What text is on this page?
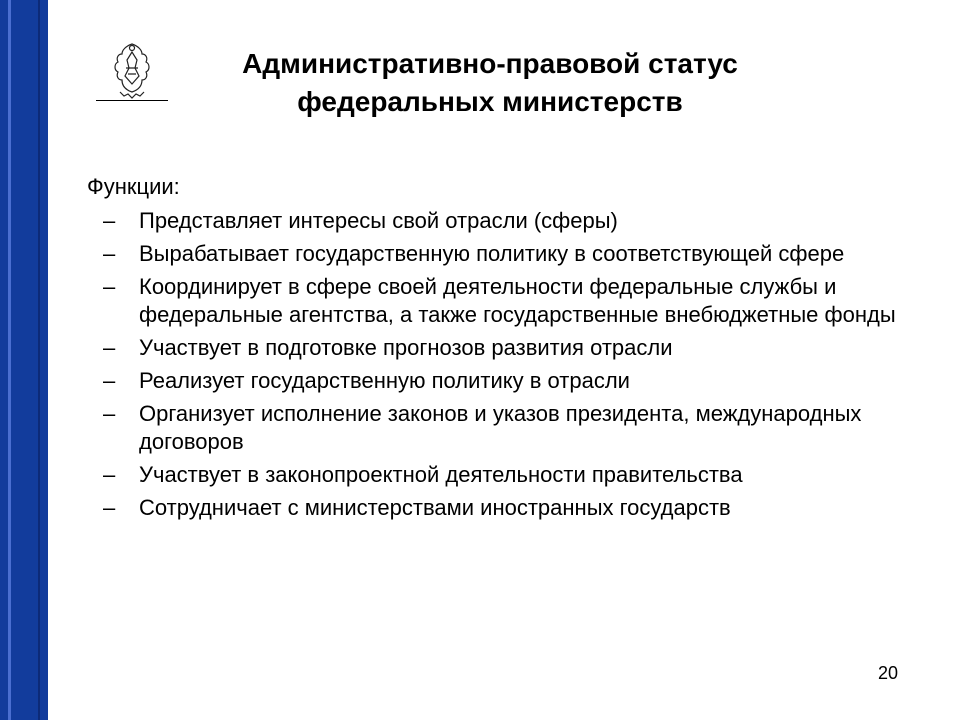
Административно-правовой статус
федеральных министерств
Функции:
– Представляет интересы свой отрасли (сферы)
– Вырабатывает государственную политику в соответствующей сфере
– Координирует в сфере своей деятельности федеральные службы и федеральные агентства, а также государственные внебюджетные фонды
– Участвует в подготовке прогнозов развития отрасли
– Реализует государственную политику в отрасли
– Организует исполнение законов и указов президента, международных договоров
– Участвует в законопроектной деятельности правительства
– Сотрудничает с министерствами иностранных государств
20
